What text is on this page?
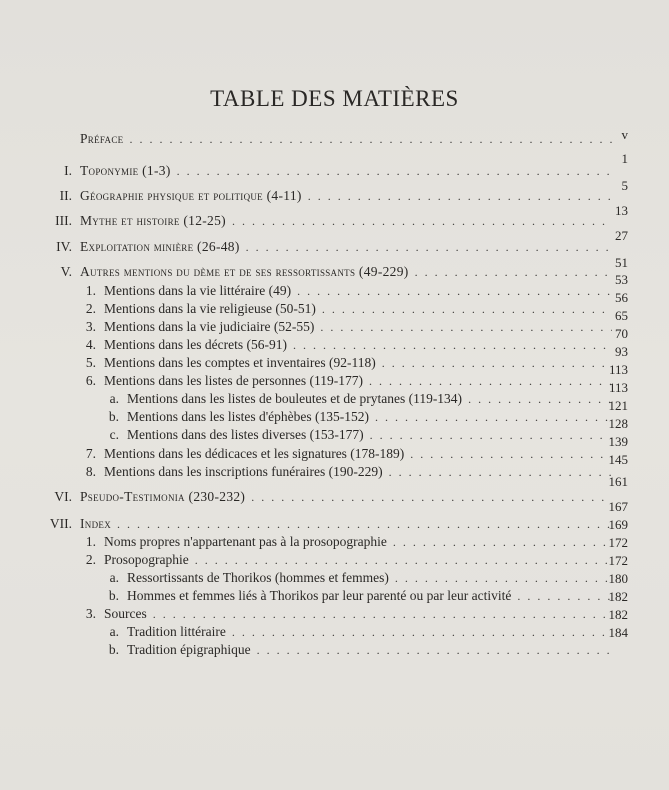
TABLE DES MATIÈRES
Préface
. . .
I. Toponymie (1-3)
. . .
II. Géographie physique et politique (4-11)
. . .
III. Mythe et histoire (12-25)
. . .
IV. Exploitation minière (26-48)
. . .
V. Autres mentions du dème et de ses ressortissants (49-229)
. . .
1. Mentions dans la vie littéraire (49)
. . .
2. Mentions dans la vie religieuse (50-51)
. . .
3. Mentions dans la vie judiciaire (52-55)
. . .
4. Mentions dans les décrets (56-91)
. . .
5. Mentions dans les comptes et inventaires (92-118)
. . .
6. Mentions dans les listes de personnes (119-177)
. . .
a. Mentions dans les listes de bouleutes et de prytanes (119-134)
. . .
b. Mentions dans les listes d'éphèbes (135-152)
. . .
c. Mentions dans des listes diverses (153-177)
. . .
7. Mentions dans les dédicaces et les signatures (178-189)
. . .
8. Mentions dans les inscriptions funéraires (190-229)
. . .
VI. Pseudo-Testimonia (230-232)
. . .
VII. Index
. . .
1. Noms propres n'appartenant pas à la prosopographie
. . .
2. Prosopographie
. . .
a. Ressortissants de Thorikos (hommes et femmes)
. . .
b. Hommes et femmes liés à Thorikos par leur parenté ou par leur activité
. . .
3. Sources
. . .
a. Tradition littéraire
. . .
b. Tradition épigraphique
. . .
v
1
5
13
27
51
53
56
65
70
93
113
113
121
128
139
145
161
167
169
172
172
180
182
182
184
